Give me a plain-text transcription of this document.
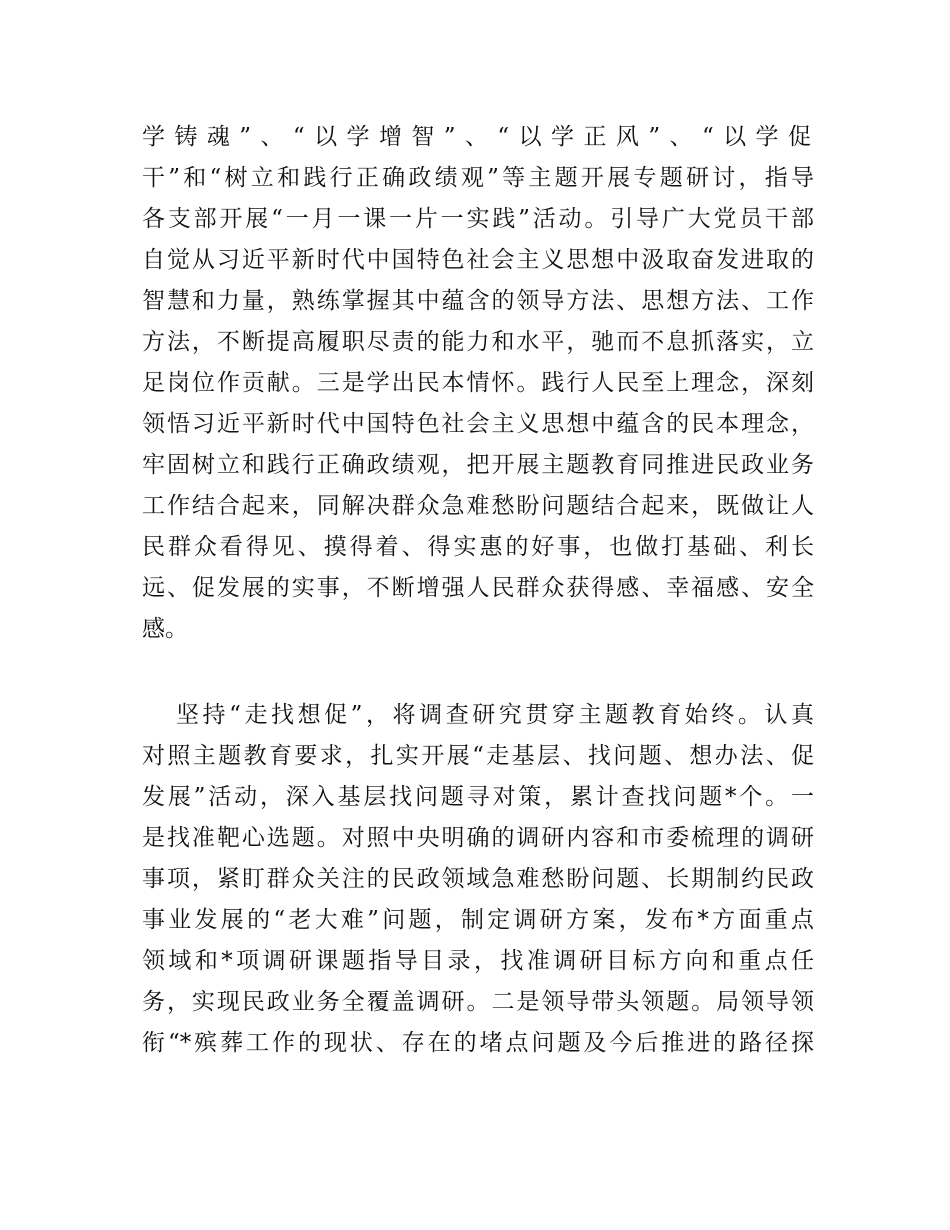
学铸魂”、“以学增智”、“以学正风”、“以学促
干”和“树立和践行正确政绩观”等主题开展专题研讨，指导
各支部开展“一月一课一片一实践”活动。引导广大党员干部
自觉从习近平新时代中国特色社会主义思想中汲取奋发进取的
智慧和力量，熟练掌握其中蕴含的领导方法、思想方法、工作
方法，不断提高履职尽责的能力和水平，驰而不息抓落实，立
足岗位作贡献。三是学出民本情怀。践行人民至上理念，深刻
领悟习近平新时代中国特色社会主义思想中蕴含的民本理念，
牢固树立和践行正确政绩观，把开展主题教育同推进民政业务
工作结合起来，同解决群众急难愁盼问题结合起来，既做让人
民群众看得见、摸得着、得实惠的好事，也做打基础、利长
远、促发展的实事，不断增强人民群众获得感、幸福感、安全
感。
坚持“走找想促”，将调查研究贯穿主题教育始终。认真
对照主题教育要求，扎实开展“走基层、找问题、想办法、促
发展”活动，深入基层找问题寻对策，累计查找问题*个。一
是找准靶心选题。对照中央明确的调研内容和市委梳理的调研
事项，紧盯群众关注的民政领域急难愁盼问题、长期制约民政
事业发展的“老大难”问题，制定调研方案，发布*方面重点
领域和*项调研课题指导目录，找准调研目标方向和重点任
务，实现民政业务全覆盖调研。二是领导带头领题。局领导领
衔“*殡葬工作的现状、存在的堵点问题及今后推进的路径探
